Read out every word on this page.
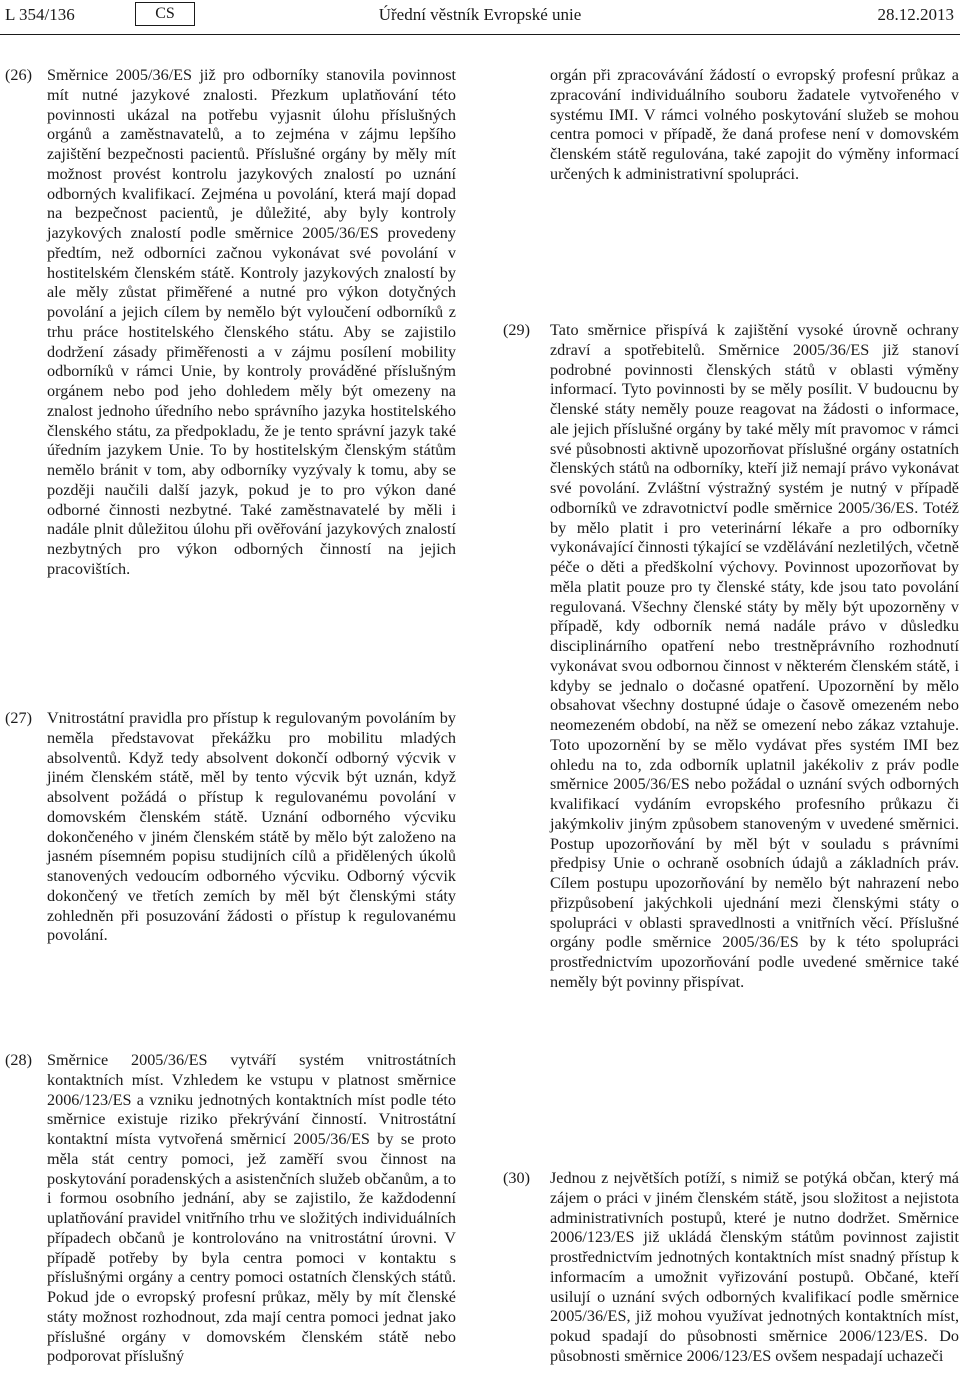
L 354/136	CS	Úřední věstník Evropské unie	28.12.2013
(26) Směrnice 2005/36/ES již pro odborníky stanovila povinnost mít nutné jazykové znalosti. Přezkum uplatňování této povinnosti ukázal na potřebu vyjasnit úlohu příslušných orgánů a zaměstnavatelů, a to zejména v zájmu lepšího zajištění bezpečnosti pacientů. Příslušné orgány by měly mít možnost provést kontrolu jazykových znalostí po uznání odborných kvalifikací. Zejména u povolání, která mají dopad na bezpečnost pacientů, je důležité, aby byly kontroly jazykových znalostí podle směrnice 2005/36/ES provedeny předtím, než odborníci začnou vykonávat své povolání v hostitelském členském státě. Kontroly jazykových znalostí by ale měly zůstat přiměřené a nutné pro výkon dotyčných povolání a jejich cílem by nemělo být vyloučení odborníků z trhu práce hostitelského členského státu. Aby se zajistilo dodržení zásady přiměřenosti a v zájmu posílení mobility odborníků v rámci Unie, by kontroly prováděné příslušným orgánem nebo pod jeho dohledem měly být omezeny na znalost jednoho úředního nebo správního jazyka hostitelského členského státu, za předpokladu, že je tento správní jazyk také úředním jazykem Unie. To by hostitelským členským státům nemělo bránit v tom, aby odborníky vyzývaly k tomu, aby se později naučili další jazyk, pokud je to pro výkon dané odborné činnosti nezbytné. Také zaměstnavatelé by měli i nadále plnit důležitou úlohu při ověřování jazykových znalostí nezbytných pro výkon odborných činností na jejich pracovištích.
(27) Vnitrostátní pravidla pro přístup k regulovaným povoláním by neměla představovat překážku pro mobilitu mladých absolventů. Když tedy absolvent dokončí odborný výcvik v jiném členském státě, měl by tento výcvik být uznán, když absolvent požádá o přístup k regulovanému povolání v domovském členském státě. Uznání odborného výcviku dokončeného v jiném členském státě by mělo být založeno na jasném písemném popisu studijních cílů a přidělených úkolů stanovených vedoucím odborného výcviku. Odborný výcvik dokončený ve třetích zemích by měl být členskými státy zohledněn při posuzování žádosti o přístup k regulovanému povolání.
(28) Směrnice 2005/36/ES vytváří systém vnitrostátních kontaktních míst. Vzhledem ke vstupu v platnost směrnice 2006/123/ES a vzniku jednotných kontaktních míst podle této směrnice existuje riziko překrývání činností. Vnitrostátní kontaktní místa vytvořená směrnicí 2005/36/ES by se proto měla stát centry pomoci, jež zaměří svou činnost na poskytování poradenských a asistenčních služeb občanům, a to i formou osobního jednání, aby se zajistilo, že každodenní uplatňování pravidel vnitřního trhu ve složitých individuálních případech občanů je kontrolováno na vnitrostátní úrovni. V případě potřeby by byla centra pomoci v kontaktu s příslušnými orgány a centry pomoci ostatních členských států. Pokud jde o evropský profesní průkaz, měly by mít členské státy možnost rozhodnout, zda mají centra pomoci jednat jako příslušné orgány v domovském členském státě nebo podporovat příslušný
orgán při zpracovávání žádostí o evropský profesní průkaz a zpracování individuálního souboru žadatele vytvořeného v systému IMI. V rámci volného poskytování služeb se mohou centra pomoci v případě, že daná profese není v domovském členském státě regulována, také zapojit do výměny informací určených k administrativní spolupráci.
(29) Tato směrnice přispívá k zajištění vysoké úrovně ochrany zdraví a spotřebitelů. Směrnice 2005/36/ES již stanoví podrobné povinnosti členských států v oblasti výměny informací. Tyto povinnosti by se měly posílit. V budoucnu by členské státy neměly pouze reagovat na žádosti o informace, ale jejich příslušné orgány by také měly mít pravomoc v rámci své působnosti aktivně upozorňovat příslušné orgány ostatních členských států na odborníky, kteří již nemají právo vykonávat své povolání. Zvláštní výstražný systém je nutný v případě odborníků ve zdravotnictví podle směrnice 2005/36/ES. Totéž by mělo platit i pro veterinární lékaře a pro odborníky vykonávající činnosti týkající se vzdělávání nezletilých, včetně péče o děti a předškolní výchovy. Povinnost upozorňovat by měla platit pouze pro ty členské státy, kde jsou tato povolání regulovaná. Všechny členské státy by měly být upozorněny v případě, kdy odborník nemá nadále právo v důsledku disciplinárního opatření nebo trestněprávního rozhodnutí vykonávat svou odbornou činnost v některém členském státě, i kdyby se jednalo o dočasné opatření. Upozornění by mělo obsahovat všechny dostupné údaje o časově omezeném nebo neomezeném období, na něž se omezení nebo zákaz vztahuje. Toto upozornění by se mělo vydávat přes systém IMI bez ohledu na to, zda odborník uplatnil jakékoliv z práv podle směrnice 2005/36/ES nebo požádal o uznání svých odborných kvalifikací vydáním evropského profesního průkazu či jakýmkoliv jiným způsobem stanoveným v uvedené směrnici. Postup upozorňování by měl být v souladu s právními předpisy Unie o ochraně osobních údajů a základních práv. Cílem postupu upozorňování by nemělo být nahrazení nebo přizpůsobení jakýchkoli ujednání mezi členskými státy o spolupráci v oblasti spravedlnosti a vnitřních věcí. Příslušné orgány podle směrnice 2005/36/ES by k této spolupráci prostřednictvím upozorňování podle uvedené směrnice také neměly být povinny přispívat.
(30) Jednou z největších potíží, s nimiž se potýká občan, který má zájem o práci v jiném členském státě, jsou složitost a nejistota administrativních postupů, které je nutno dodržet. Směrnice 2006/123/ES již ukládá členským státům povinnost zajistit prostřednictvím jednotných kontaktních míst snadný přístup k informacím a umožnit vyřizování postupů. Občané, kteří usilují o uznání svých odborných kvalifikací podle směrnice 2005/36/ES, již mohou využívat jednotných kontaktních míst, pokud spadají do působnosti směrnice 2006/123/ES. Do působnosti směrnice 2006/123/ES ovšem nespadají uchazeči
